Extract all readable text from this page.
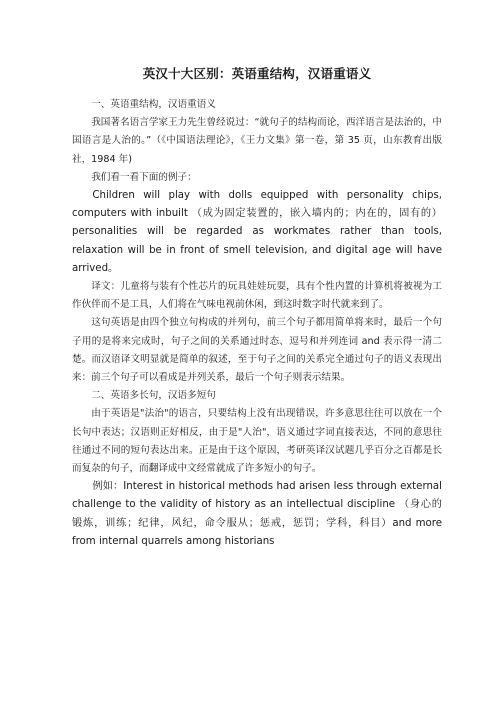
英汉十大区别：英语重结构，汉语重语义

一、英语重结构，汉语重语义

我国著名语言学家王力先生曾经说过：“就句子的结构而论，西洋语言是法治的，中国语言是人治的。”（《中国语法理论》，《王力文集》第一卷，第 35 页，山东教育出版社，1984 年)

我们看一看下面的例子：

Children will play with dolls equipped with personality chips, computers with inbuilt （成为固定装置的，嵌入墙内的；内在的，固有的）personalities will be regarded as workmates rather than tools, relaxation will be in front of smell television, and digital age will have arrived。

译文：儿童将与装有个性芯片的玩具娃娃玩耍，具有个性内置的计算机将被视为工作伙伴而不是工具，人们将在气味电视前休闲，到这时数字时代就来到了。

这句英语是由四个独立句构成的并列句，前三个句子都用简单将来时，最后一个句子用的是将来完成时，句子之间的关系通过时态、逗号和并列连词 and 表示得一清二楚。而汉语译文明显就是简单的叙述，至于句子之间的关系完全通过句子的语义表现出来：前三个句子可以看成是并列关系，最后一个句子则表示结果。

二、英语多长句，汉语多短句

由于英语是"法治"的语言，只要结构上没有出现错误，许多意思往往可以放在一个长句中表达；汉语则正好相反，由于是"人治"，语义通过字词直接表达，不同的意思往往通过不同的短句表达出来。正是由于这个原因，考研英译汉试题几乎百分之百都是长而复杂的句子，而翻译成中文经常就成了许多短小的句子。

例如：Interest in historical methods had arisen less through external challenge to the validity of history as an intellectual discipline （身心的锻炼，训练；纪律，风纪，命令服从；惩戒，惩罚；学科，科目）and more from internal quarrels among historians
